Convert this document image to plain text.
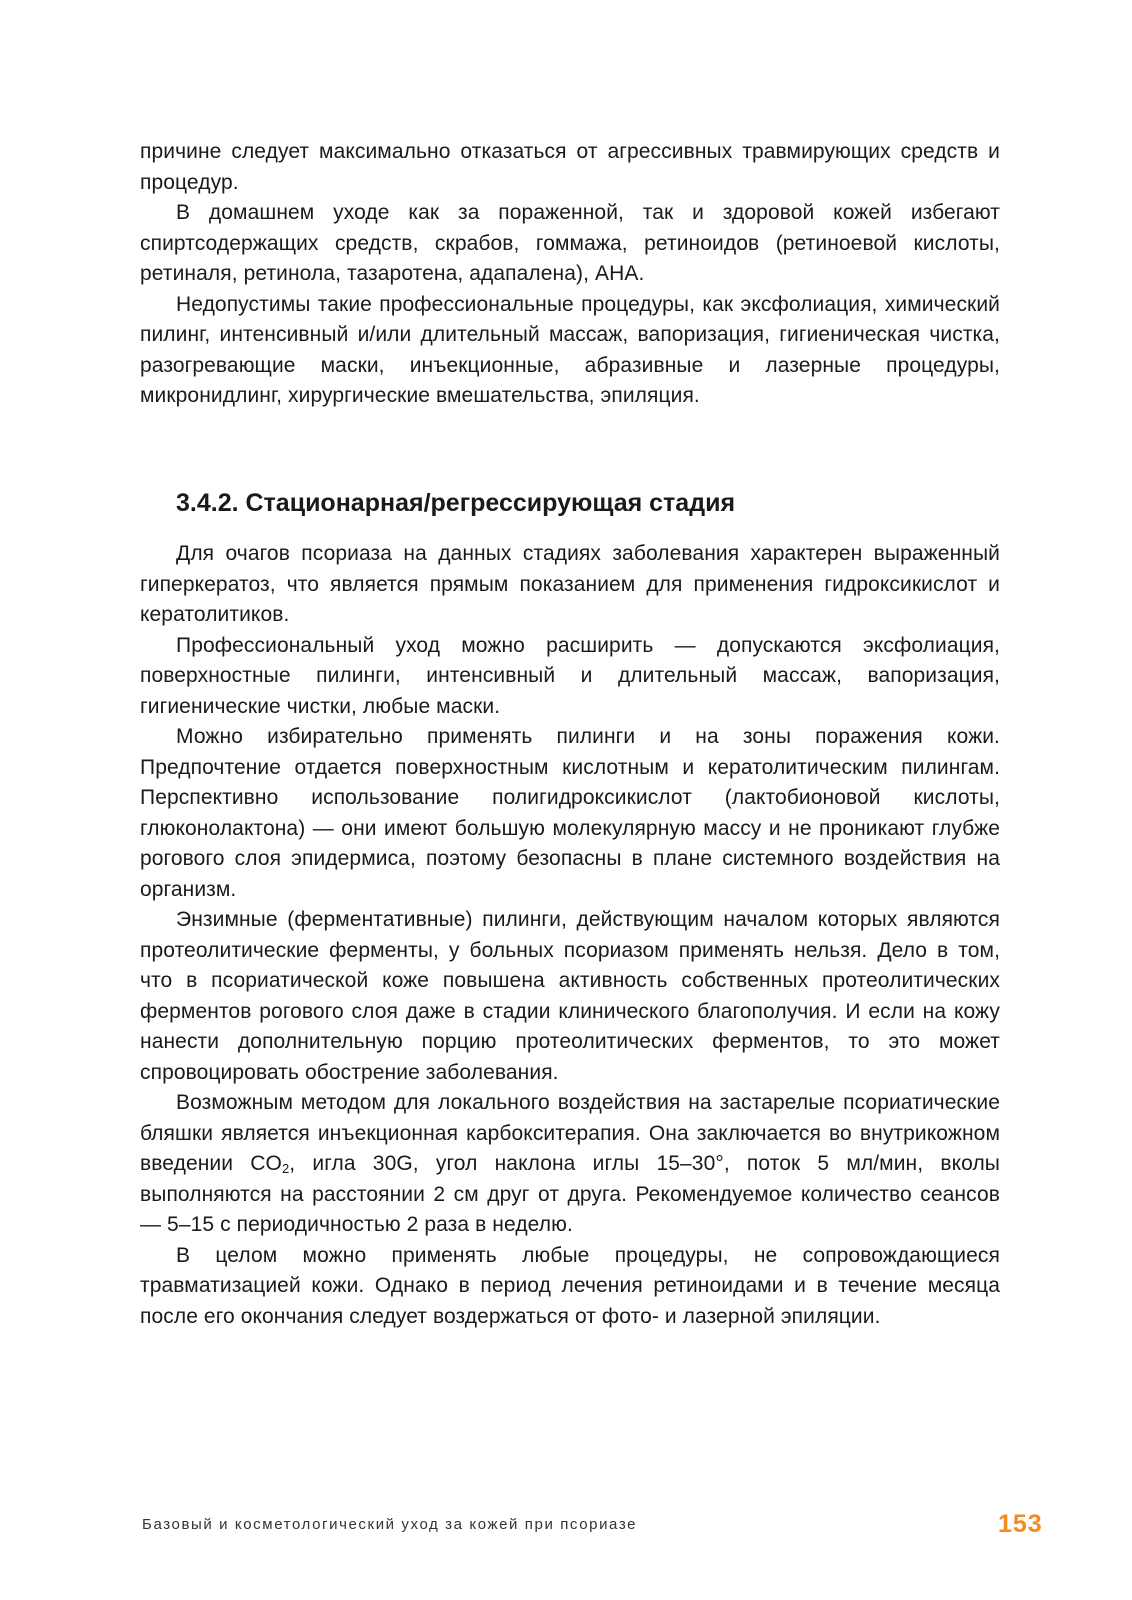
причине следует максимально отказаться от агрессивных травмирующих средств и процедур.

В домашнем уходе как за пораженной, так и здоровой кожей избегают спиртсодержащих средств, скрабов, гоммажа, ретиноидов (ретиноевой кислоты, ретиналя, ретинола, тазаротена, адапалена), АНА.

Недопустимы такие профессиональные процедуры, как эксфолиация, химический пилинг, интенсивный и/или длительный массаж, вапоризация, гигиеническая чистка, разогревающие маски, инъекционные, абразивные и лазерные процедуры, микронидлинг, хирургические вмешательства, эпиляция.

3.4.2. Стационарная/регрессирующая стадия

Для очагов псориаза на данных стадиях заболевания характерен выраженный гиперкератоз, что является прямым показанием для применения гидроксикислот и кератолитиков.

Профессиональный уход можно расширить — допускаются эксфолиация, поверхностные пилинги, интенсивный и длительный массаж, вапоризация, гигиенические чистки, любые маски.

Можно избирательно применять пилинги и на зоны поражения кожи. Предпочтение отдается поверхностным кислотным и кератолитическим пилингам. Перспективно использование полигидроксикислот (лактобионовой кислоты, глюконолактона) — они имеют большую молекулярную массу и не проникают глубже рогового слоя эпидермиса, поэтому безопасны в плане системного воздействия на организм.

Энзимные (ферментативные) пилинги, действующим началом которых являются протеолитические ферменты, у больных псориазом применять нельзя. Дело в том, что в псориатической коже повышена активность собственных протеолитических ферментов рогового слоя даже в стадии клинического благополучия. И если на кожу нанести дополнительную порцию протеолитических ферментов, то это может спровоцировать обострение заболевания.

Возможным методом для локального воздействия на застарелые псориатические бляшки является инъекционная карбокситерапия. Она заключается во внутрикожном введении $CO_2$, игла 30G, угол наклона иглы 15–30°, поток 5 мл/мин, вколы выполняются на расстоянии 2 см друг от друга. Рекомендуемое количество сеансов — 5–15 с периодичностью 2 раза в неделю.

В целом можно применять любые процедуры, не сопровождающиеся травматизацией кожи. Однако в период лечения ретиноидами и в течение месяца после его окончания следует воздержаться от фото- и лазерной эпиляции.

Базовый и косметологический уход за кожей при псориазе	153
